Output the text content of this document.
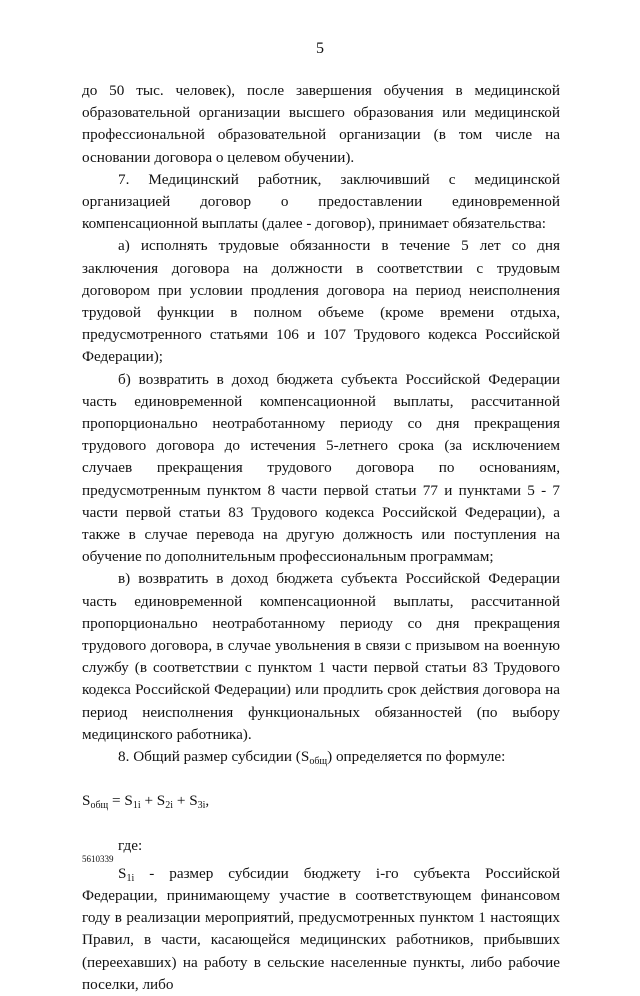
5

до 50 тыс. человек), после завершения обучения в медицинской образовательной организации высшего образования или медицинской профессиональной образовательной организации (в том числе на основании договора о целевом обучении).

7. Медицинский работник, заключивший с медицинской организацией договор о предоставлении единовременной компенсационной выплаты (далее - договор), принимает обязательства:

а) исполнять трудовые обязанности в течение 5 лет со дня заключения договора на должности в соответствии с трудовым договором при условии продления договора на период неисполнения трудовой функции в полном объеме (кроме времени отдыха, предусмотренного статьями 106 и 107 Трудового кодекса Российской Федерации);

б) возвратить в доход бюджета субъекта Российской Федерации часть единовременной компенсационной выплаты, рассчитанной пропорционально неотработанному периоду со дня прекращения трудового договора до истечения 5-летнего срока (за исключением случаев прекращения трудового договора по основаниям, предусмотренным пунктом 8 части первой статьи 77 и пунктами 5 - 7 части первой статьи 83 Трудового кодекса Российской Федерации), а также в случае перевода на другую должность или поступления на обучение по дополнительным профессиональным программам;

в) возвратить в доход бюджета субъекта Российской Федерации часть единовременной компенсационной выплаты, рассчитанной пропорционально неотработанному периоду со дня прекращения трудового договора, в случае увольнения в связи с призывом на военную службу (в соответствии с пунктом 1 части первой статьи 83 Трудового кодекса Российской Федерации) или продлить срок действия договора на период неисполнения функциональных обязанностей (по выбору медицинского работника).

8. Общий размер субсидии $(S_{общ})$ определяется по формуле:

$S_{общ} = S_{1i} + S_{2i} + S_{3i}$,

где:

$S_{1i}$ - размер субсидии бюджету i-го субъекта Российской Федерации, принимающему участие в соответствующем финансовом году в реализации мероприятий, предусмотренных пунктом 1 настоящих Правил, в части, касающейся медицинских работников, прибывших (переехавших) на работу в сельские населенные пункты, либо рабочие поселки, либо

5610339
